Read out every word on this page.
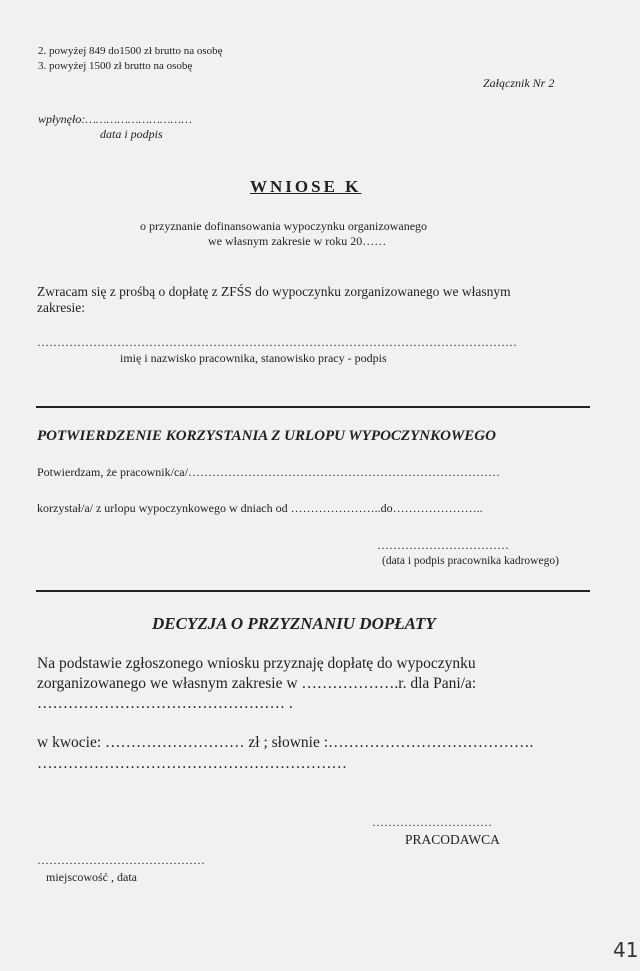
2. powyżej 849 do1500 zł brutto na osobę
3. powyżej 1500 zł brutto na osobę
Załącznik Nr 2
wpłynęło:…………………………
data i podpis
WNIOSE K
o przyznanie dofinansowania wypoczynku organizowanego
we własnym zakresie w roku 20……
Zwracam się z prośbą o dopłatę z ZFŚS do wypoczynku zorganizowanego we własnym
zakresie:
…………………………………………………………………………………………………………
imię i nazwisko pracownika, stanowisko pracy - podpis
POTWIERDZENIE KORZYSTANIA Z URLOPU WYPOCZYNKOWEGO
Potwierdzam, że pracownik/ca/……………………………………………………………………
korzystał/a/ z urlopu wypoczynkowego w dniach od …………………..do…………………..
……………………………
(data i podpis pracownika kadrowego)
DECYZJA O PRZYZNANIU DOPŁATY
Na podstawie zgłoszonego wniosku przyznaję dopłatę do wypoczynku
zorganizowanego we własnym zakresie w ……………….r. dla Pani/a:
………………………………………… .
w kwocie: ……………………… zł ; słownie :………………………………….
……………………………………………………
…………………………
PRACODAWCA
……………………………………
miejscowość , data
41
